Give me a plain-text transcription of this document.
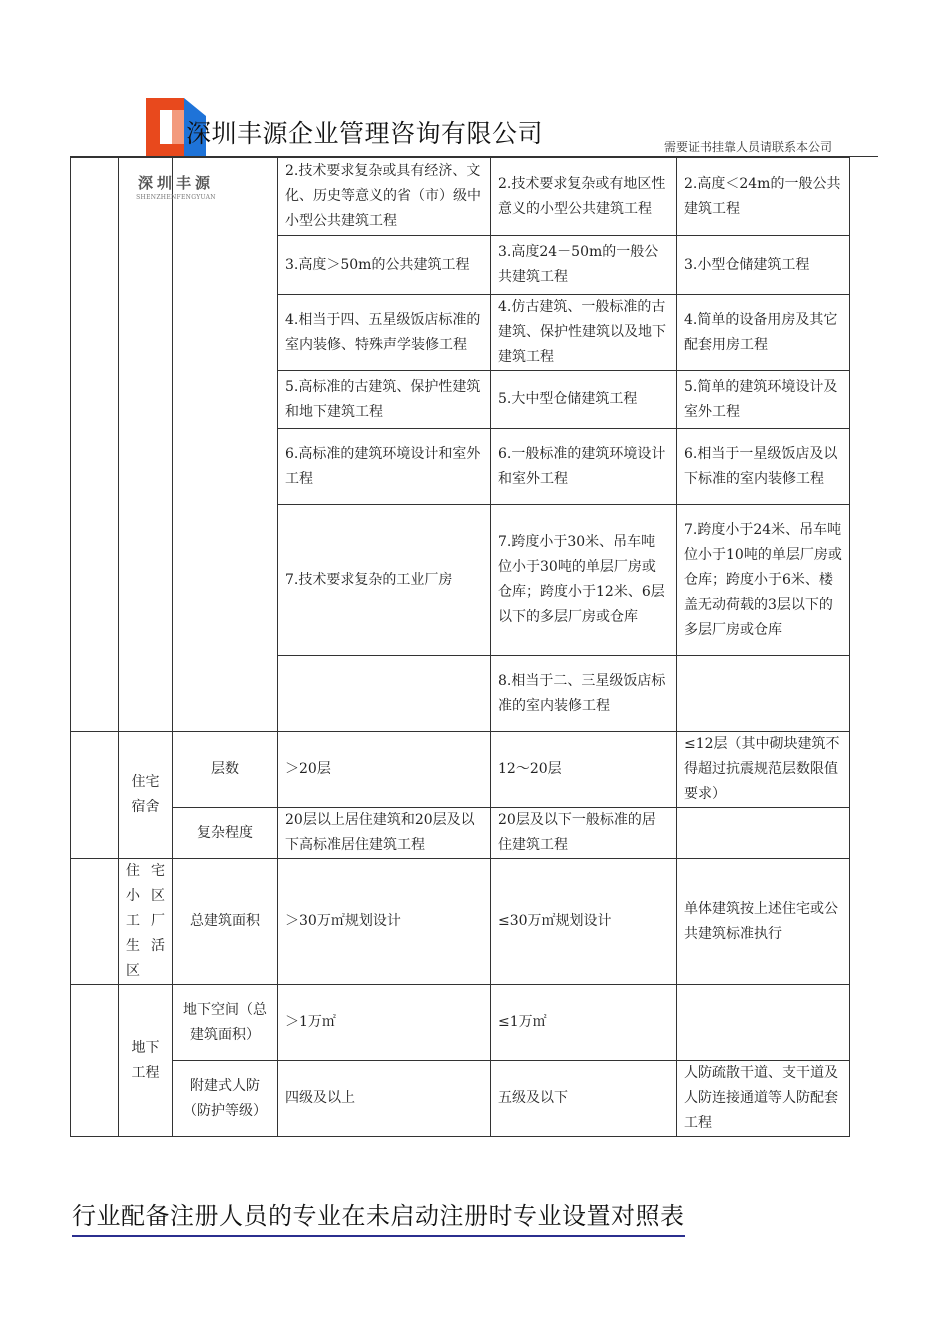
深圳丰源企业管理咨询有限公司	需要证书挂靠人员请联系本公司
			2.技术要求复杂或具有经济、文化、历史等意义的省（市）级中小型公共建筑工程	2.技术要求复杂或有地区性意义的小型公共建筑工程	2.高度＜24m的一般公共建筑工程
			3.高度＞50m的公共建筑工程	3.高度24－50m的一般公共建筑工程	3.小型仓储建筑工程
			4.相当于四、五星级饭店标准的室内装修、特殊声学装修工程	4.仿古建筑、一般标准的古建筑、保护性建筑以及地下建筑工程	4.简单的设备用房及其它配套用房工程
			5.高标准的古建筑、保护性建筑和地下建筑工程	5.大中型仓储建筑工程	5.简单的建筑环境设计及室外工程
			6.高标准的建筑环境设计和室外工程	6.一般标准的建筑环境设计和室外工程	6.相当于一星级饭店及以下标准的室内装修工程
			7.技术要求复杂的工业厂房	7.跨度小于30米、吊车吨位小于30吨的单层厂房或仓库；跨度小于12米、6层以下的多层厂房或仓库	7.跨度小于24米、吊车吨位小于10吨的单层厂房或仓库；跨度小于6米、楼盖无动荷载的3层以下的多层厂房或仓库
				8.相当于二、三星级饭店标准的室内装修工程	
	住宅宿舍	层数	＞20层	12～20层	≤12层（其中砌块建筑不得超过抗震规范层数限值要求）
		复杂程度	20层以上居住建筑和20层及以下高标准居住建筑工程	20层及以下一般标准的居住建筑工程	
	住宅小区工厂生活区	总建筑面积	＞30万㎡规划设计	≤30万㎡规划设计	单体建筑按上述住宅或公共建筑标准执行
	地下工程	地下空间（总建筑面积）	＞1万㎡	≤1万㎡	
		附建式人防（防护等级）	四级及以上	五级及以下	人防疏散干道、支干道及人防连接通道等人防配套工程
深圳丰源
SHENZHENFENGYUAN
行业配备注册人员的专业在未启动注册时专业设置对照表
